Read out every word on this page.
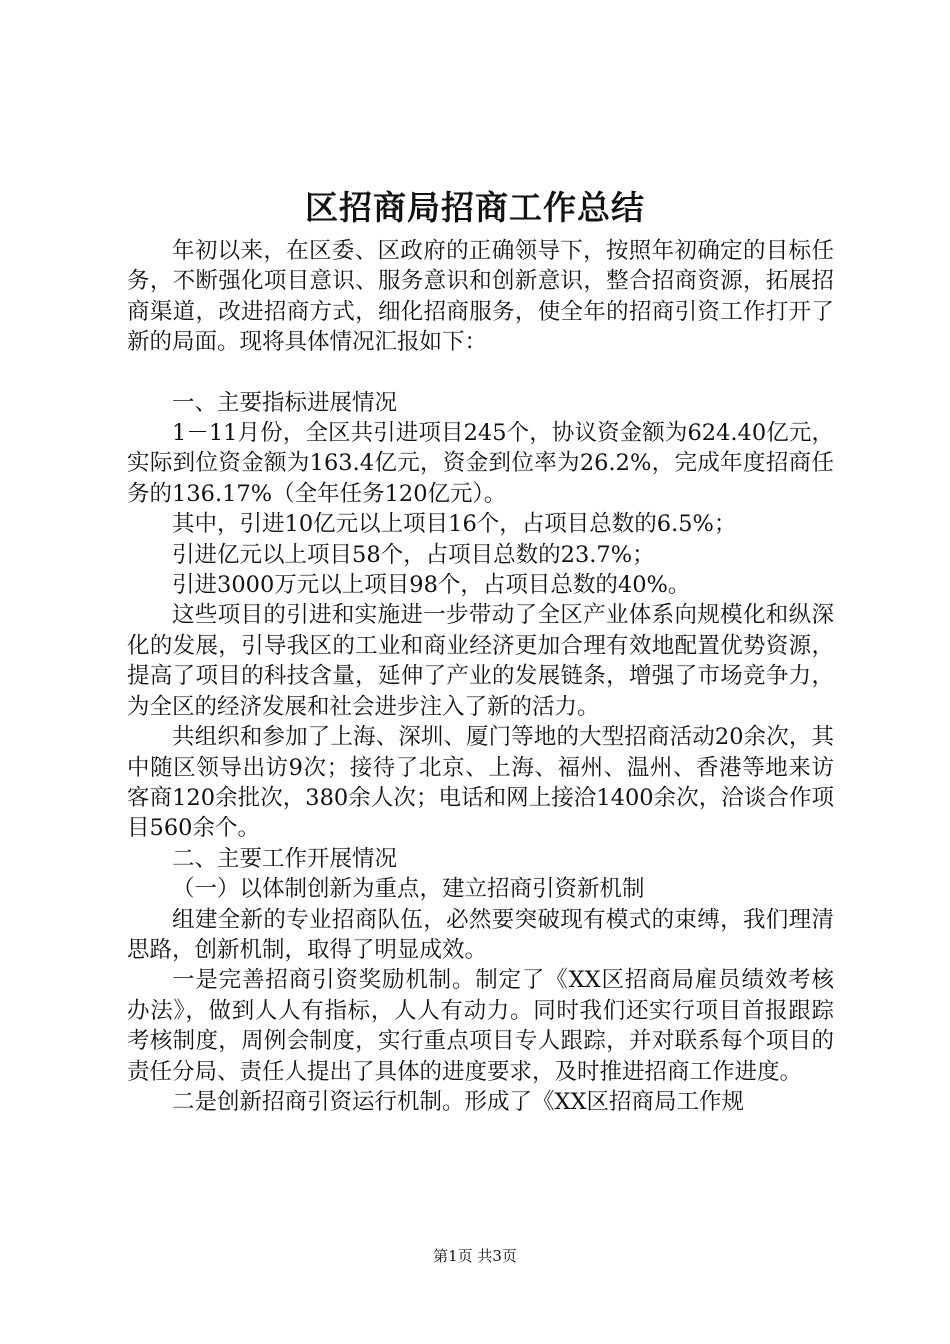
区招商局招商工作总结

年初以来，在区委、区政府的正确领导下，按照年初确定的目标任务，不断强化项目意识、服务意识和创新意识，整合招商资源，拓展招商渠道，改进招商方式，细化招商服务，使全年的招商引资工作打开了新的局面。现将具体情况汇报如下：

一、主要指标进展情况

1－11月份，全区共引进项目245个，协议资金额为624.40亿元，实际到位资金额为163.4亿元，资金到位率为26.2%，完成年度招商任务的136.17%（全年任务120亿元）。

其中，引进10亿元以上项目16个，占项目总数的6.5%；

引进亿元以上项目58个，占项目总数的23.7%；

引进3000万元以上项目98个，占项目总数的40%。

这些项目的引进和实施进一步带动了全区产业体系向规模化和纵深化的发展，引导我区的工业和商业经济更加合理有效地配置优势资源，提高了项目的科技含量，延伸了产业的发展链条，增强了市场竞争力，为全区的经济发展和社会进步注入了新的活力。

共组织和参加了上海、深圳、厦门等地的大型招商活动20余次，其中随区领导出访9次；接待了北京、上海、福州、温州、香港等地来访客商120余批次，380余人次；电话和网上接洽1400余次，洽谈合作项目560余个。

二、主要工作开展情况

（一）以体制创新为重点，建立招商引资新机制

组建全新的专业招商队伍，必然要突破现有模式的束缚，我们理清思路，创新机制，取得了明显成效。

一是完善招商引资奖励机制。制定了《XX区招商局雇员绩效考核办法》，做到人人有指标，人人有动力。同时我们还实行项目首报跟踪考核制度，周例会制度，实行重点项目专人跟踪，并对联系每个项目的责任分局、责任人提出了具体的进度要求，及时推进招商工作进度。

二是创新招商引资运行机制。形成了《XX区招商局工作规

第1页 共3页
